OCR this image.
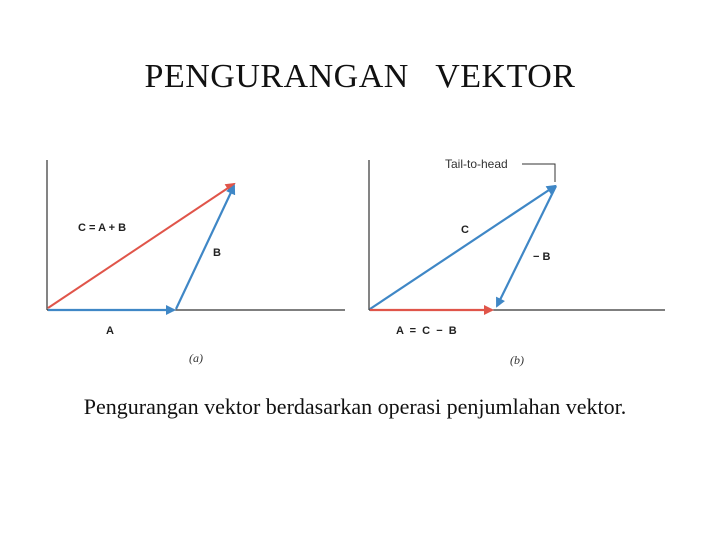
PENGURANGAN   VEKTOR
C = A + B
B
A
(a)
Tail-to-head
C
− B
A  =  C  −  B
(b)
Pengurangan vektor berdasarkan operasi penjumlahan vektor.
